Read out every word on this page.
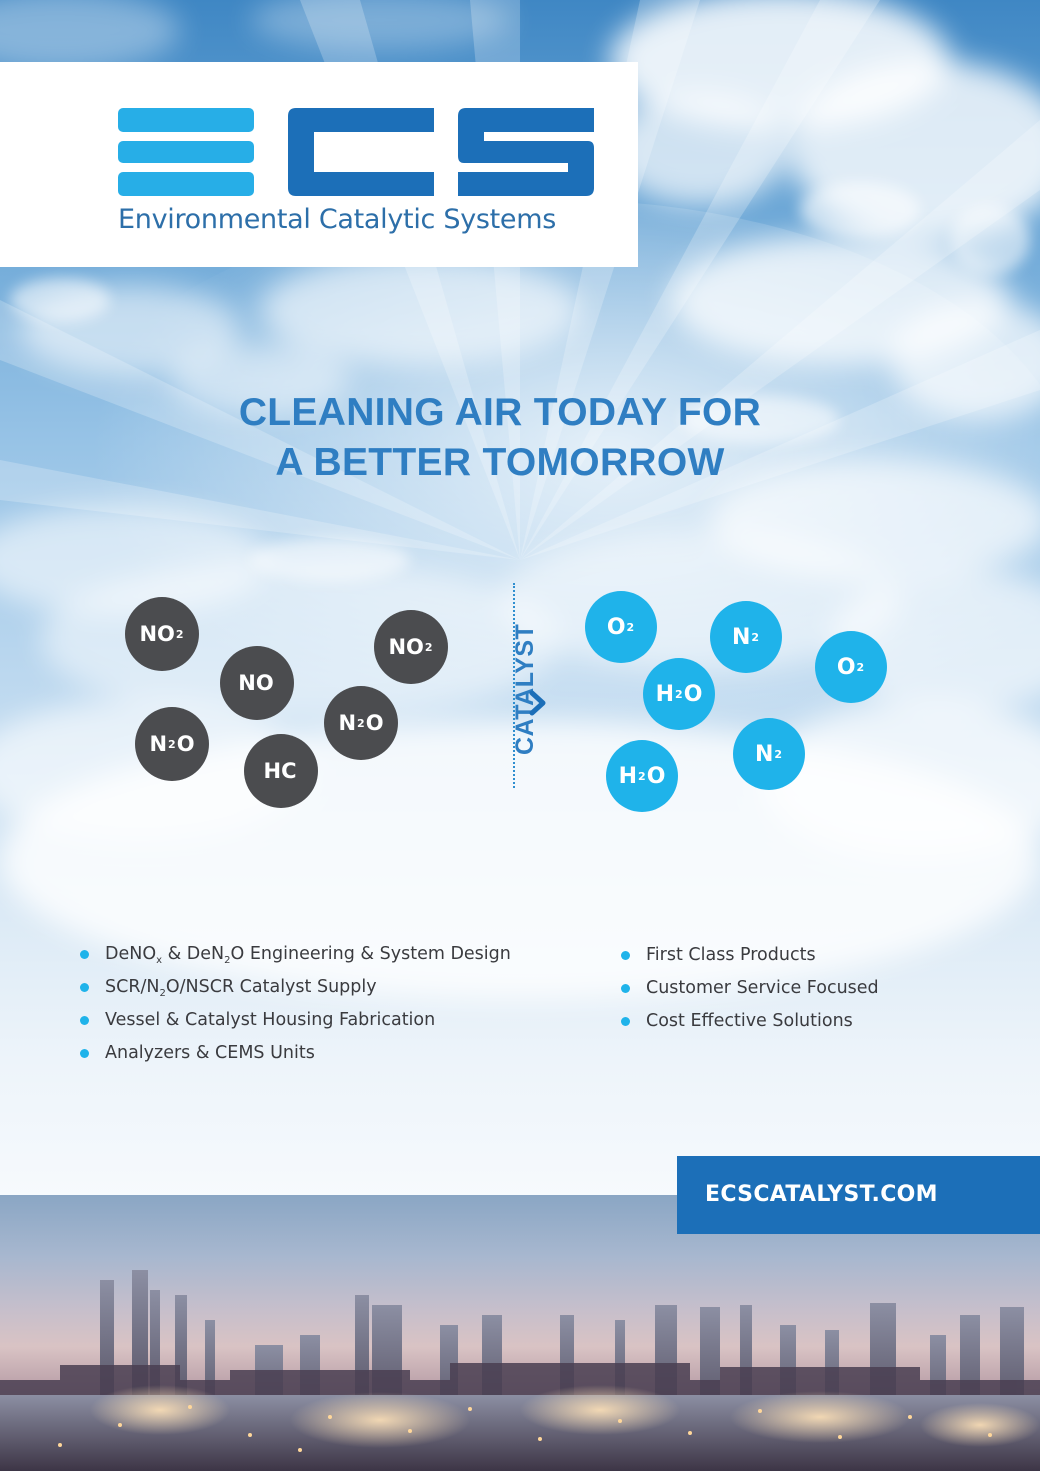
Environmental Catalytic Systems
CLEANING AIR TODAY FOR
A BETTER TOMORROW
NO 2
NO
NO 2
N 2 O
N 2 O
HC
CATALYST	O 2	N 2
O 2
H 2 O
N 2
H 2 O
DeNO$_x$ & DeN$_2$O Engineering & System Design
SCR/$N_2O$/NSCR Catalyst Supply
Vessel & Catalyst Housing Fabrication
Analyzers & CEMS Units
First Class Products
Customer Service Focused
Cost Effective Solutions
ECSCATALYST.COM
